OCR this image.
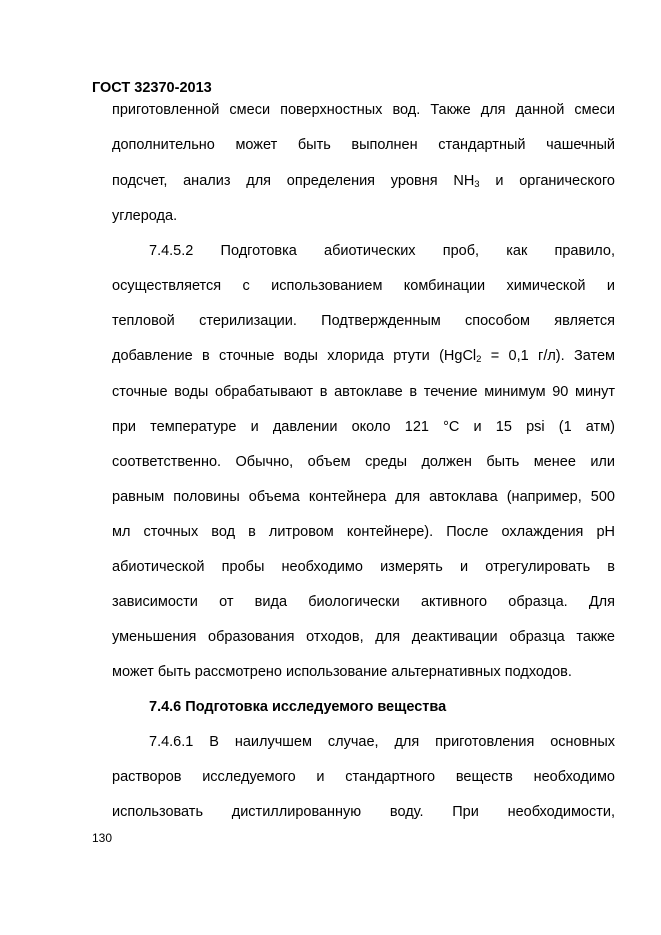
ГОСТ 32370-2013
приготовленной смеси поверхностных вод. Также для данной смеси
дополнительно может быть выполнен стандартный чашечный
подсчет, анализ для определения уровня $NH_3$ и органического
углерода.
7.4.5.2 Подготовка абиотических проб, как правило,
осуществляется с использованием комбинации химической и
тепловой стерилизации. Подтвержденным способом является
добавление в сточные воды хлорида ртути (HgCl$_2$ = 0,1 г/л). Затем
сточные воды обрабатывают в автоклаве в течение минимум 90 минут
при температуре и давлении около 121 °C и 15 psi (1 атм)
соответственно. Обычно, объем среды должен быть менее или
равным половины объема контейнера для автоклава (например, 500
мл сточных вод в литровом контейнере). После охлаждения pH
абиотической пробы необходимо измерять и отрегулировать в
зависимости от вида биологически активного образца. Для
уменьшения образования отходов, для деактивации образца также
может быть рассмотрено использование альтернативных подходов.
7.4.6 Подготовка исследуемого вещества
7.4.6.1 В наилучшем случае, для приготовления основных
растворов исследуемого и стандартного веществ необходимо
использовать дистиллированную воду. При необходимости,
130
